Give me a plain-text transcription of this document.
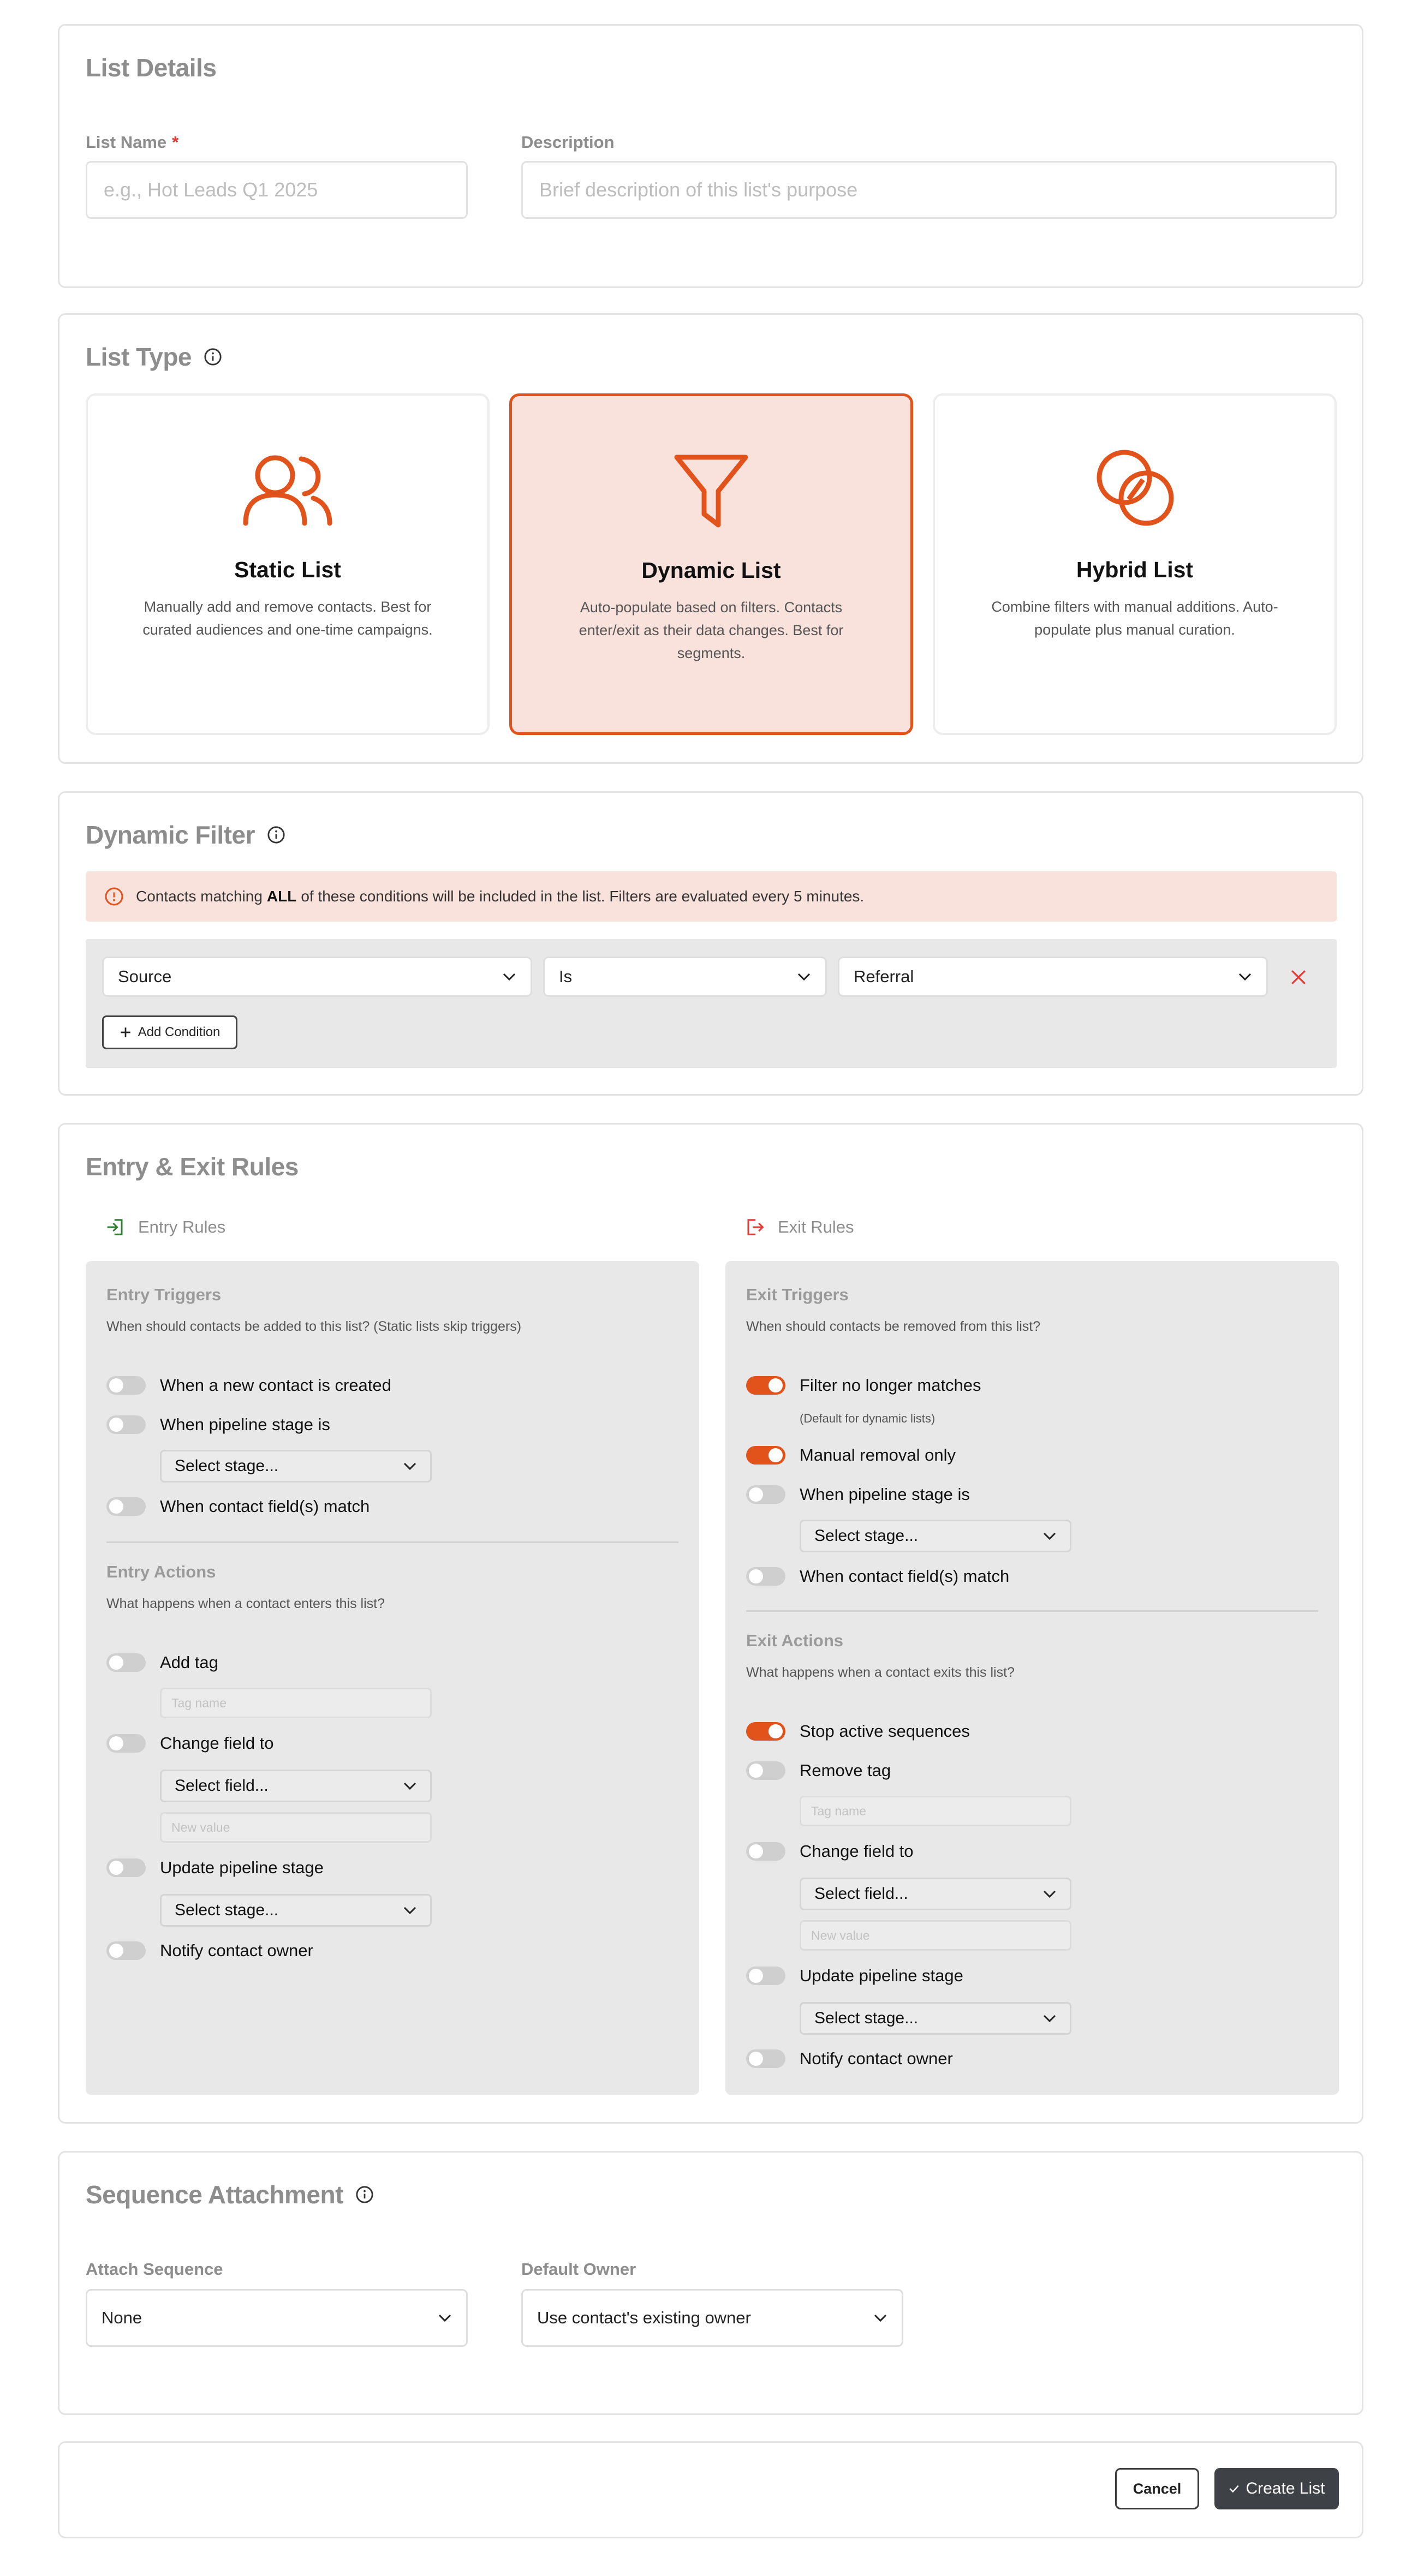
List Details
List Name *
e.g., Hot Leads Q1 2025	Description
Brief description of this list's purpose
List Type
Static List
Manually add and remove contacts. Best for curated audiences and one-time campaigns.
Dynamic List
Auto-populate based on filters. Contacts enter/exit as their data changes. Best for segments.
Hybrid List
Combine filters with manual additions. Auto-populate plus manual curation.
Dynamic Filter
Contacts matching ALL of these conditions will be included in the list. Filters are evaluated every 5 minutes.
Source	Is	Referral
Add Condition
Entry & Exit Rules
Entry Rules	Exit Rules
Entry Triggers
When should contacts be added to this list? (Static lists skip triggers)
When a new contact is created
When pipeline stage is
Select stage...
When contact field(s) match
Entry Actions
What happens when a contact enters this list?
Add tag
Tag name
Change field to
Select field...
New value
Update pipeline stage
Select stage...
Notify contact owner
Exit Triggers
When should contacts be removed from this list?
Filter no longer matches
(Default for dynamic lists)
Manual removal only
When pipeline stage is
Select stage...
When contact field(s) match
Exit Actions
What happens when a contact exits this list?
Stop active sequences
Remove tag
Tag name
Change field to
Select field...
New value
Update pipeline stage
Select stage...
Notify contact owner
Sequence Attachment
Attach Sequence
None
Default Owner
Use contact's existing owner
Cancel	Create List
